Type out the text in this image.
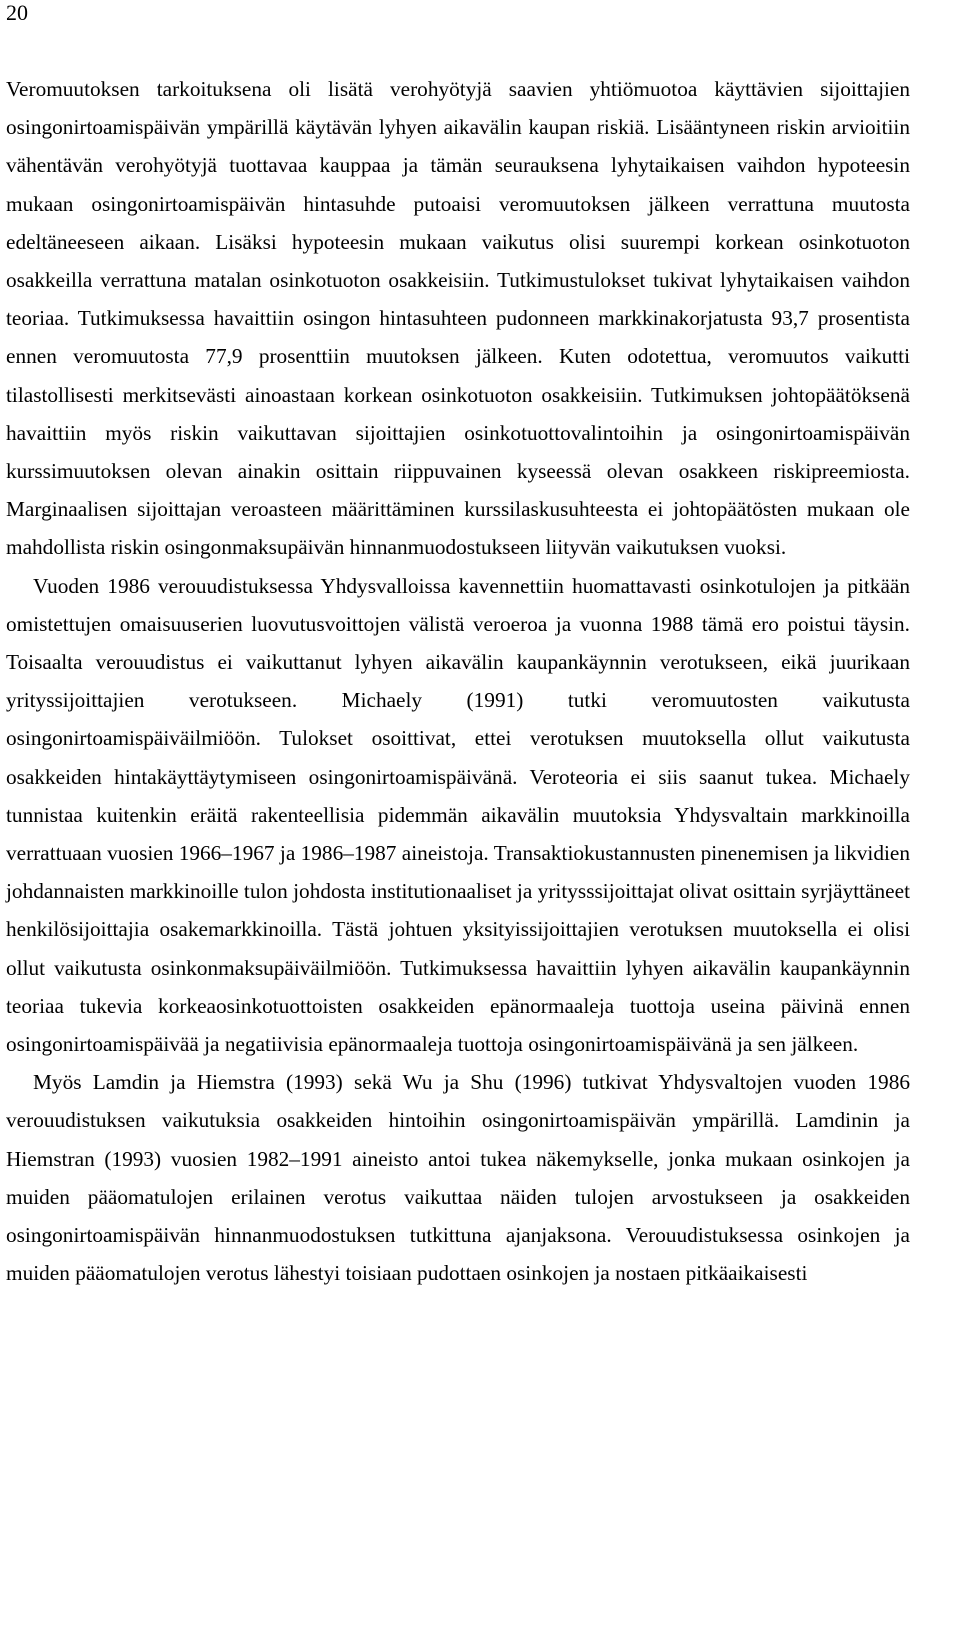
20

Veromuutoksen tarkoituksena oli lisätä verohyötyjä saavien yhtiömuotoa käyttävien sijoittajien osingonirtoamispäivän ympärillä käytävän lyhyen aikavälin kaupan riskiä. Lisääntyneen riskin arvioitiin vähentävän verohyötyjä tuottavaa kauppaa ja tämän seurauksena lyhytaikaisen vaihdon hypoteesin mukaan osingonirtoamispäivän hintasuhde putoaisi veromuutoksen jälkeen verrattuna muutosta edeltäneeseen aikaan. Lisäksi hypoteesin mukaan vaikutus olisi suurempi korkean osinkotuoton osakkeilla verrattuna matalan osinkotuoton osakkeisiin. Tutkimustulokset tukivat lyhytaikaisen vaihdon teoriaa. Tutkimuksessa havaittiin osingon hintasuhteen pudonneen markkinakorjatusta 93,7 prosentista ennen veromuutosta 77,9 prosenttiin muutoksen jälkeen. Kuten odotettua, veromuutos vaikutti tilastollisesti merkitsevästi ainoastaan korkean osinkotuoton osakkeisiin. Tutkimuksen johtopäätöksenä havaittiin myös riskin vaikuttavan sijoittajien osinkotuottovalintoihin ja osingonirtoamispäivän kurssimuutoksen olevan ainakin osittain riippuvainen kyseessä olevan osakkeen riskipreemiosta. Marginaalisen sijoittajan veroasteen määrittäminen kurssilaskusuhteesta ei johtopäätösten mukaan ole mahdollista riskin osingonmaksupäivän hinnanmuodostukseen liityvän vaikutuksen vuoksi.

Vuoden 1986 verouudistuksessa Yhdysvalloissa kavennettiin huomattavasti osinkotulojen ja pitkään omistettujen omaisuuserien luovutusvoittojen välistä veroeroa ja vuonna 1988 tämä ero poistui täysin. Toisaalta verouudistus ei vaikuttanut lyhyen aikavälin kaupankäynnin verotukseen, eikä juurikaan yrityssijoittajien verotukseen. Michaely (1991) tutki veromuutosten vaikutusta osingonirtoamispäiväilmiöön. Tulokset osoittivat, ettei verotuksen muutoksella ollut vaikutusta osakkeiden hintakäyttäytymiseen osingonirtoamispäivänä. Veroteoria ei siis saanut tukea. Michaely tunnistaa kuitenkin eräitä rakenteellisia pidemmän aikavälin muutoksia Yhdysvaltain markkinoilla verrattuaan vuosien 1966–1967 ja 1986–1987 aineistoja. Transaktiokustannusten pinenemisen ja likvidien johdannaisten markkinoille tulon johdosta institutionaaliset ja yritysssijoittajat olivat osittain syrjäyttäneet henkilösijoittajia osakemarkkinoilla. Tästä johtuen yksityissijoittajien verotuksen muutoksella ei olisi ollut vaikutusta osinkonmaksupäiväilmiöön. Tutkimuksessa havaittiin lyhyen aikavälin kaupankäynnin teoriaa tukevia korkeaosinkotuottoisten osakkeiden epänormaaleja tuottoja useina päivinä ennen osingonirtoamispäivää ja negatiivisia epänormaaleja tuottoja osingonirtoamispäivänä ja sen jälkeen.

Myös Lamdin ja Hiemstra (1993) sekä Wu ja Shu (1996) tutkivat Yhdysvaltojen vuoden 1986 verouudistuksen vaikutuksia osakkeiden hintoihin osingonirtoamispäivän ympärillä. Lamdinin ja Hiemstran (1993) vuosien 1982–1991 aineisto antoi tukea näkemykselle, jonka mukaan osinkojen ja muiden pääomatulojen erilainen verotus vaikuttaa näiden tulojen arvostukseen ja osakkeiden osingonirtoamispäivän hinnanmuodostuksen tutkittuna ajanjaksona. Verouudistuksessa osinkojen ja muiden pääomatulojen verotus lähestyi toisiaan pudottaen osinkojen ja nostaen pitkäaikaisesti
